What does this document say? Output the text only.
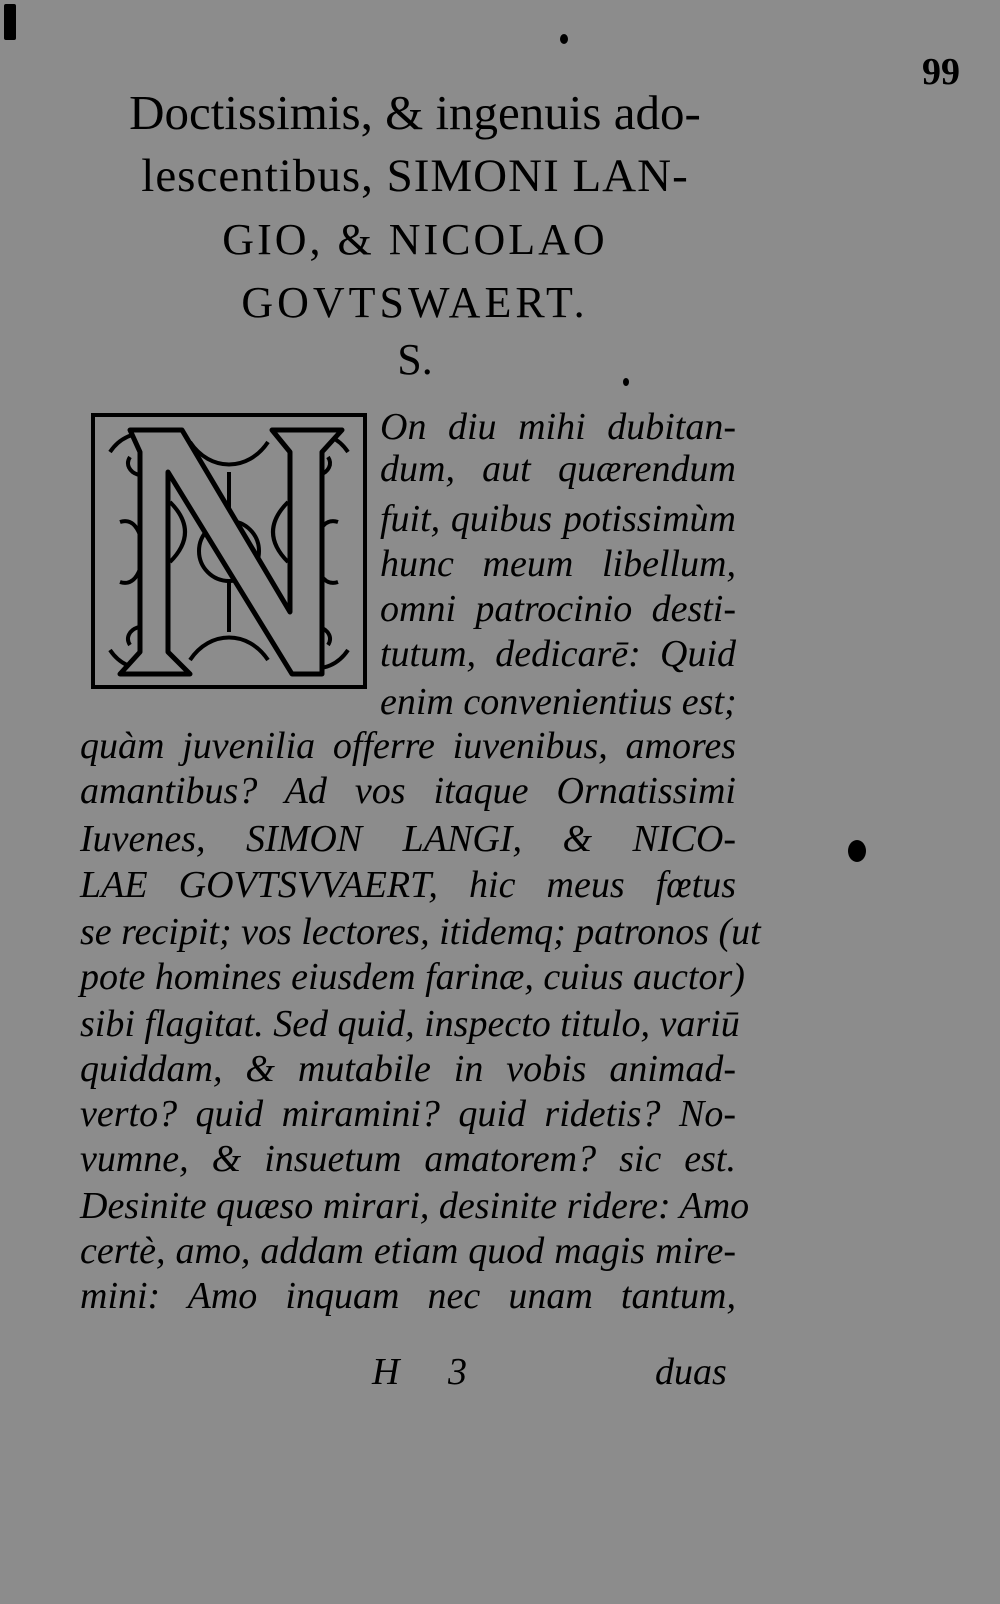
99
Doctissimis, & ingenuis ado-
lescentibus, SIMONI LAN-
GIO, & NICOLAO
GOVTSWAERT.
S.
On diu mihi dubitan-
dum, aut quærendum
fuit, quibus potissimùm
hunc meum libellum,
omni patrocinio desti-
tutum, dedicarē: Quid
enim convenientius est;
quàm juvenilia offerre iuvenibus, amores
amantibus? Ad vos itaque Ornatissimi
Iuvenes, SIMON LANGI, & NICO-
LAE GOVTSVVAERT, hic meus fœtus
se recipit; vos lectores, itidemq; patronos (ut
pote homines eiusdem farinæ, cuius auctor)
sibi flagitat. Sed quid, inspecto titulo, variū
quiddam, & mutabile in vobis animad-
verto? quid miramini? quid ridetis? No-
vumne, & insuetum amatorem? sic est.
Desinite quæso mirari, desinite ridere: Amo
certè, amo, addam etiam quod magis mire-
mini: Amo inquam nec unam tantum,
H 3	duas
